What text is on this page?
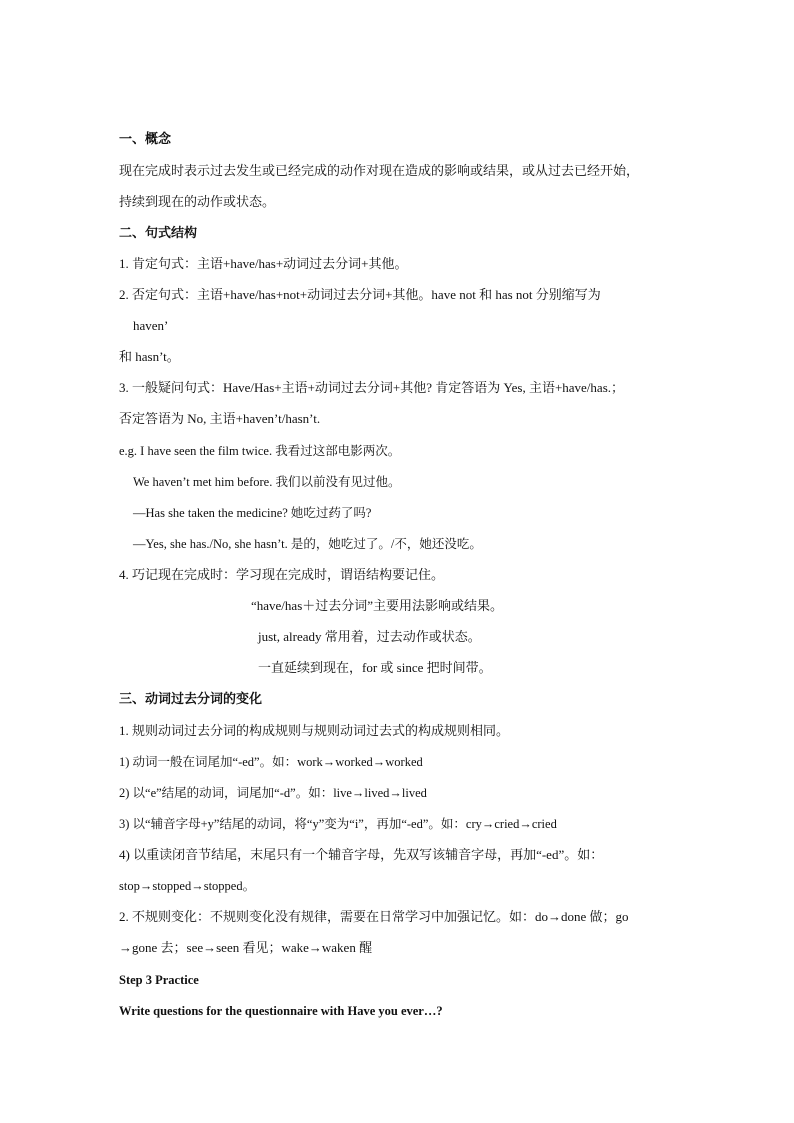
一、概念
现在完成时表示过去发生或已经完成的动作对现在造成的影响或结果，或从过去已经开始，
持续到现在的动作或状态。
二、句式结构
1. 肯定句式：主语+have/has+动词过去分词+其他。
2. 否定句式：主语+have/has+not+动词过去分词+其他。have not 和 has not 分别缩写为
haven’
和 hasn’t。
3. 一般疑问句式：Have/Has+主语+动词过去分词+其他? 肯定答语为 Yes, 主语+have/has.；
否定答语为 No, 主语+haven’t/hasn’t.
e.g. I have seen the film twice. 我看过这部电影两次。
We haven’t met him before. 我们以前没有见过他。
—Has she taken the medicine? 她吃过药了吗?
—Yes, she has./No, she hasn’t. 是的，她吃过了。/不，她还没吃。
4. 巧记现在完成时：学习现在完成时，谓语结构要记住。
“have/has＋过去分词”主要用法影响或结果。
just, already 常用着，过去动作或状态。
一直延续到现在，for 或 since 把时间带。
三、动词过去分词的变化
1. 规则动词过去分词的构成规则与规则动词过去式的构成规则相同。
1) 动词一般在词尾加“-ed”。如：work→worked→worked
2) 以“e”结尾的动词，词尾加“-d”。如：live→lived→lived
3) 以“辅音字母+y”结尾的动词，将“y”变为“i”，再加“-ed”。如：cry→cried→cried
4) 以重读闭音节结尾，末尾只有一个辅音字母，先双写该辅音字母，再加“-ed”。如：
stop→stopped→stopped。
2. 不规则变化：不规则变化没有规律，需要在日常学习中加强记忆。如：do→done 做；go
→gone 去；see→seen 看见；wake→waken 醒
Step 3 Practice
Write questions for the questionnaire with Have you ever…?
